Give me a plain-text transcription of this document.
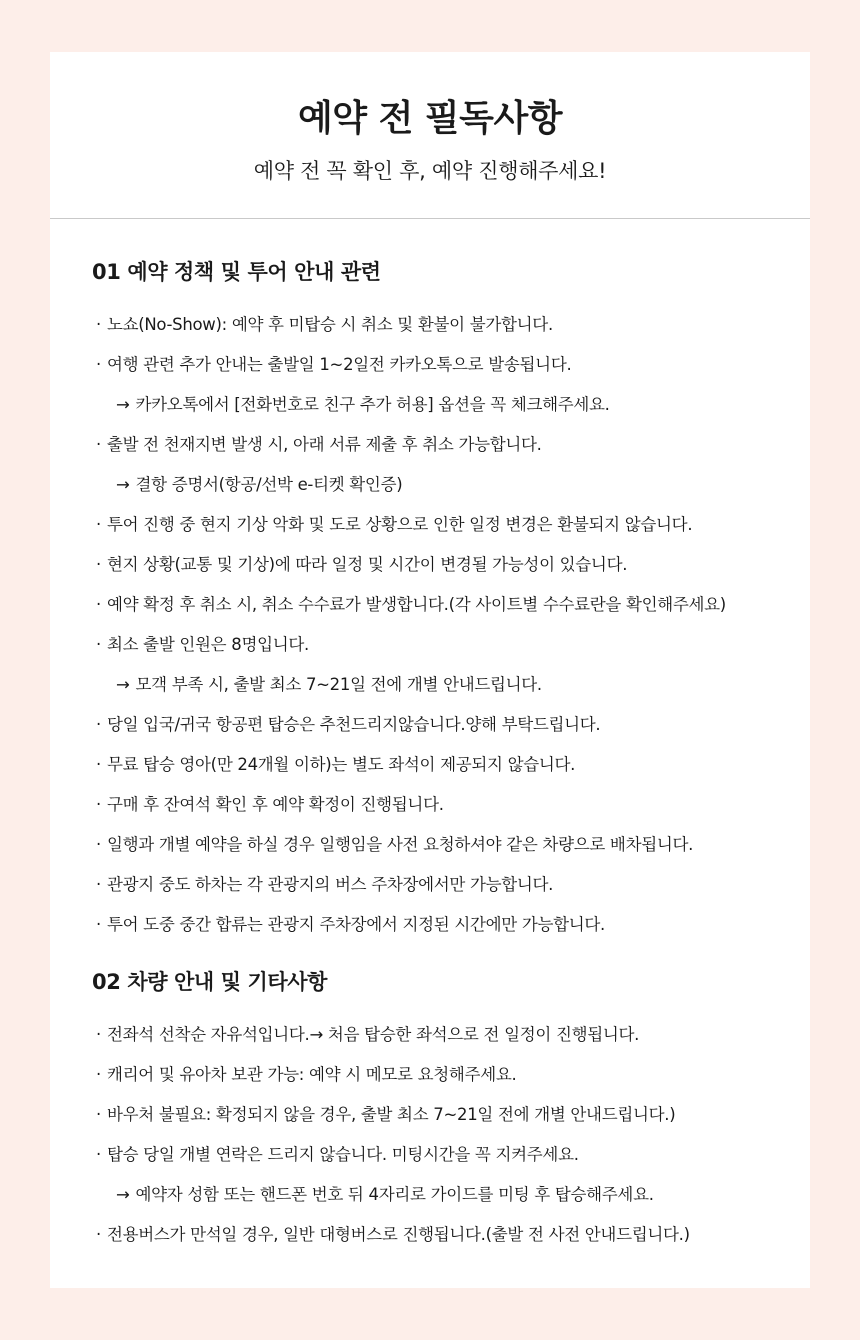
예약 전 필독사항

예약 전 꼭 확인 후, 예약 진행해주세요!

01 예약 정책 및 투어 안내 관련
· 노쇼(No-Show): 예약 후 미탑승 시 취소 및 환불이 불가합니다.
· 여행 관련 추가 안내는 출발일 1~2일전 카카오톡으로 발송됩니다.
→ 카카오톡에서 [전화번호로 친구 추가 허용] 옵션을 꼭 체크해주세요.
· 출발 전 천재지변 발생 시, 아래 서류 제출 후 취소 가능합니다.
→ 결항 증명서(항공/선박 e-티켓 확인증)
· 투어 진행 중 현지 기상 악화 및 도로 상황으로 인한 일정 변경은 환불되지 않습니다.
· 현지 상황(교통 및 기상)에 따라 일정 및 시간이 변경될 가능성이 있습니다.
· 예약 확정 후 취소 시, 취소 수수료가 발생합니다.(각 사이트별 수수료란을 확인해주세요)
· 최소 출발 인원은 8명입니다.
→ 모객 부족 시, 출발 최소 7~21일 전에 개별 안내드립니다.
· 당일 입국/귀국 항공편 탑승은 추천드리지않습니다.양해 부탁드립니다.
· 무료 탑승 영아(만 24개월 이하)는 별도 좌석이 제공되지 않습니다.
· 구매 후 잔여석 확인 후 예약 확정이 진행됩니다.
· 일행과 개별 예약을 하실 경우 일행임을 사전 요청하셔야 같은 차량으로 배차됩니다.
· 관광지 중도 하차는 각 관광지의 버스 주차장에서만 가능합니다.
· 투어 도중 중간 합류는 관광지 주차장에서 지정된 시간에만 가능합니다.
02 차량 안내 및 기타사항
· 전좌석 선착순 자유석입니다.→ 처음 탑승한 좌석으로 전 일정이 진행됩니다.
· 캐리어 및 유아차 보관 가능: 예약 시 메모로 요청해주세요.
· 바우처 불필요: 확정되지 않을 경우, 출발 최소 7~21일 전에 개별 안내드립니다.)
· 탑승 당일 개별 연락은 드리지 않습니다. 미팅시간을 꼭 지켜주세요.
→ 예약자 성함 또는 핸드폰 번호 뒤 4자리로 가이드를 미팅 후 탑승해주세요.
· 전용버스가 만석일 경우, 일반 대형버스로 진행됩니다.(출발 전 사전 안내드립니다.)
